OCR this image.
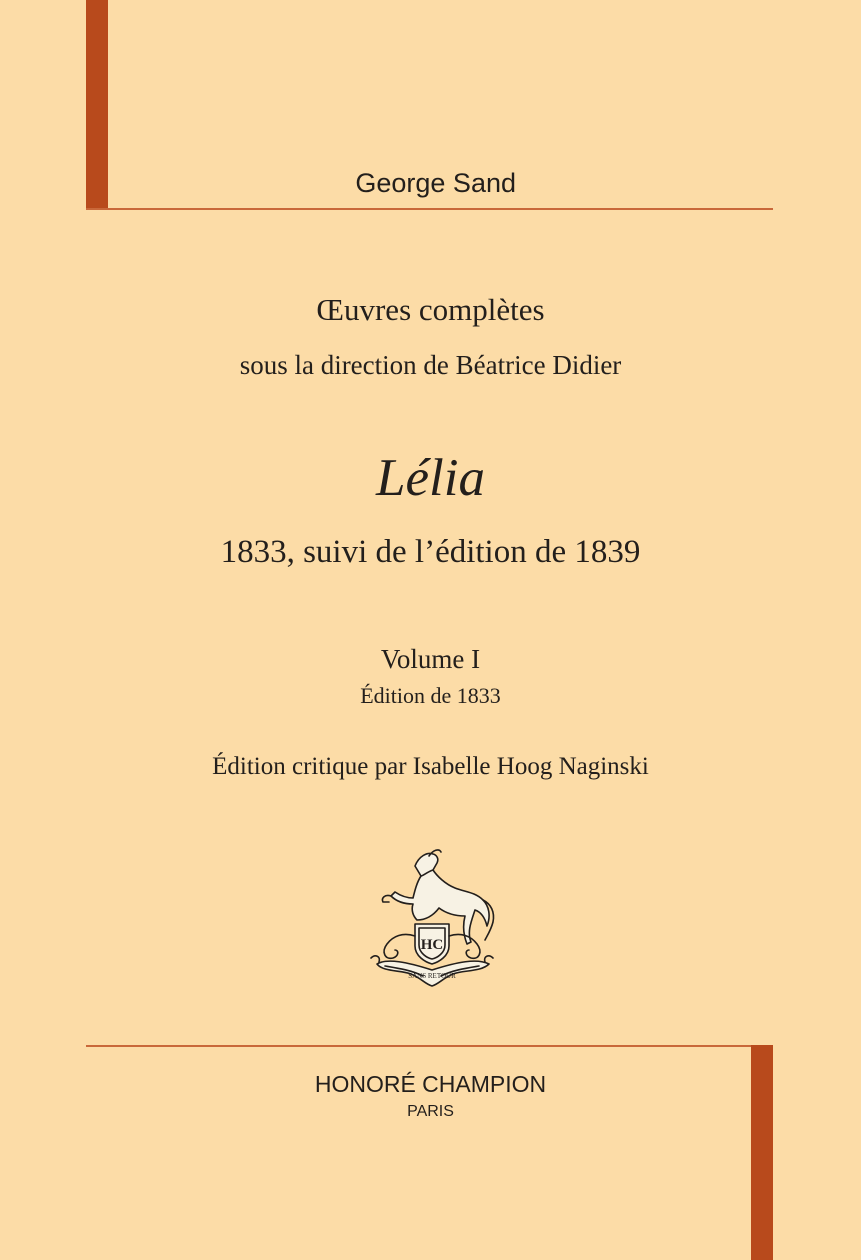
George Sand
Œuvres complètes
sous la direction de Béatrice Didier
Lélia
1833, suivi de l’édition de 1839
Volume I
Édition de 1833
Édition critique par Isabelle Hoog Naginski
HC
SANS RETOUR
HONORÉ CHAMPION
PARIS
